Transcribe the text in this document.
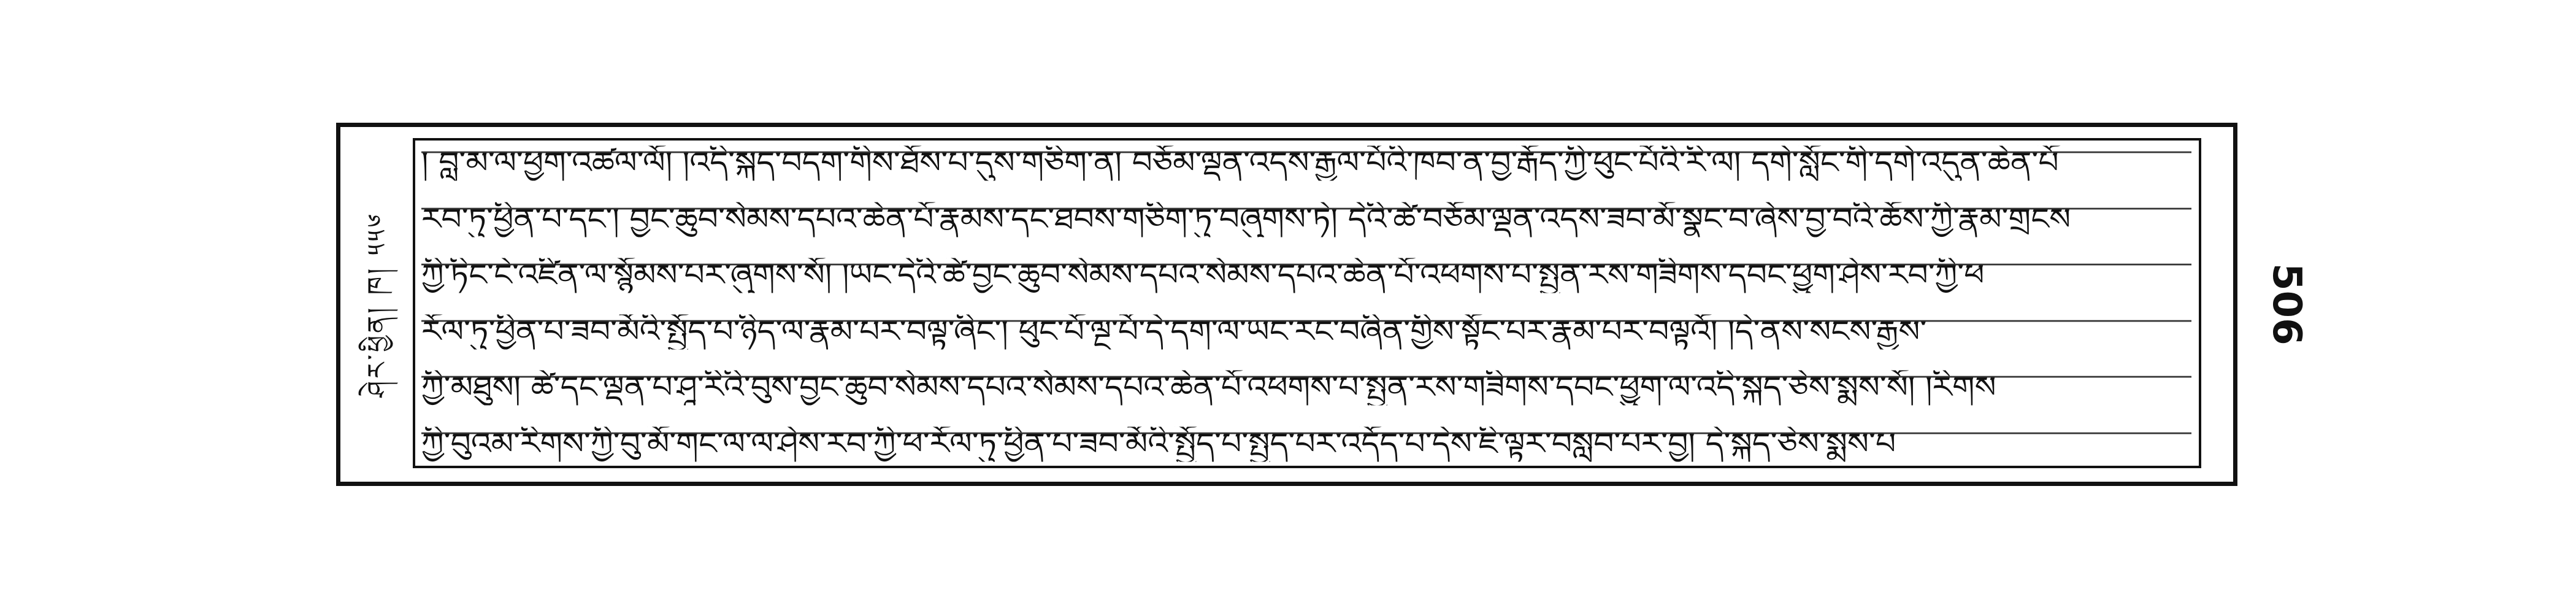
ཤེར་ཕྱིན། ཁ། ༥༥༦
། བླ་མ་ལ་ཕྱག་འཚལ་ལོ། །འདི་སྐད་བདག་གིས་ཐོས་པ་དུས་གཅིག་ན། བཅོམ་ལྡན་འདས་རྒྱལ་པོའི་ཁབ་ན་བྱ་རྒོད་ཀྱི་ཕུང་པོའི་རི་ལ། དགེ་སློང་གི་དགེ་འདུན་ཆེན་པོ
རབ་ཏུ་ཕྱིན་པ་དང་། བྱང་ཆུབ་སེམས་དཔའ་ཆེན་པོ་རྣམས་དང་ཐབས་གཅིག་ཏུ་བཞུགས་ཏེ། དེའི་ཚེ་བཅོམ་ལྡན་འདས་ཟབ་མོ་སྣང་བ་ཞེས་བྱ་བའི་ཆོས་ཀྱི་རྣམ་གྲངས
ཀྱི་ཏིང་ངེ་འཛིན་ལ་སྙོམས་པར་ཞུགས་སོ། །ཡང་དེའི་ཚེ་བྱང་ཆུབ་སེམས་དཔའ་སེམས་དཔའ་ཆེན་པོ་འཕགས་པ་སྤྱན་རས་གཟིགས་དབང་ཕྱུག་ཤེས་རབ་ཀྱི་ཕ
རོལ་ཏུ་ཕྱིན་པ་ཟབ་མོའི་སྤྱོད་པ་ཉིད་ལ་རྣམ་པར་བལྟ་ཞིང་། ཕུང་པོ་ལྔ་པོ་དེ་དག་ལ་ཡང་རང་བཞིན་གྱིས་སྟོང་པར་རྣམ་པར་བལྟའོ། །དེ་ནས་སངས་རྒྱས་
ཀྱི་མཐུས། ཚེ་དང་ལྡན་པ་ཤཱ་རིའི་བུས་བྱང་ཆུབ་སེམས་དཔའ་སེམས་དཔའ་ཆེན་པོ་འཕགས་པ་སྤྱན་རས་གཟིགས་དབང་ཕྱུག་ལ་འདི་སྐད་ཅེས་སྨྲས་སོ། །རིགས
ཀྱི་བུའམ་རིགས་ཀྱི་བུ་མོ་གང་ལ་ལ་ཤེས་རབ་ཀྱི་ཕ་རོལ་ཏུ་ཕྱིན་པ་ཟབ་མོའི་སྤྱོད་པ་སྤྱད་པར་འདོད་པ་དེས་ཇི་ལྟར་བསླབ་པར་བྱ། དེ་སྐད་ཅེས་སྨྲས་པ
506
